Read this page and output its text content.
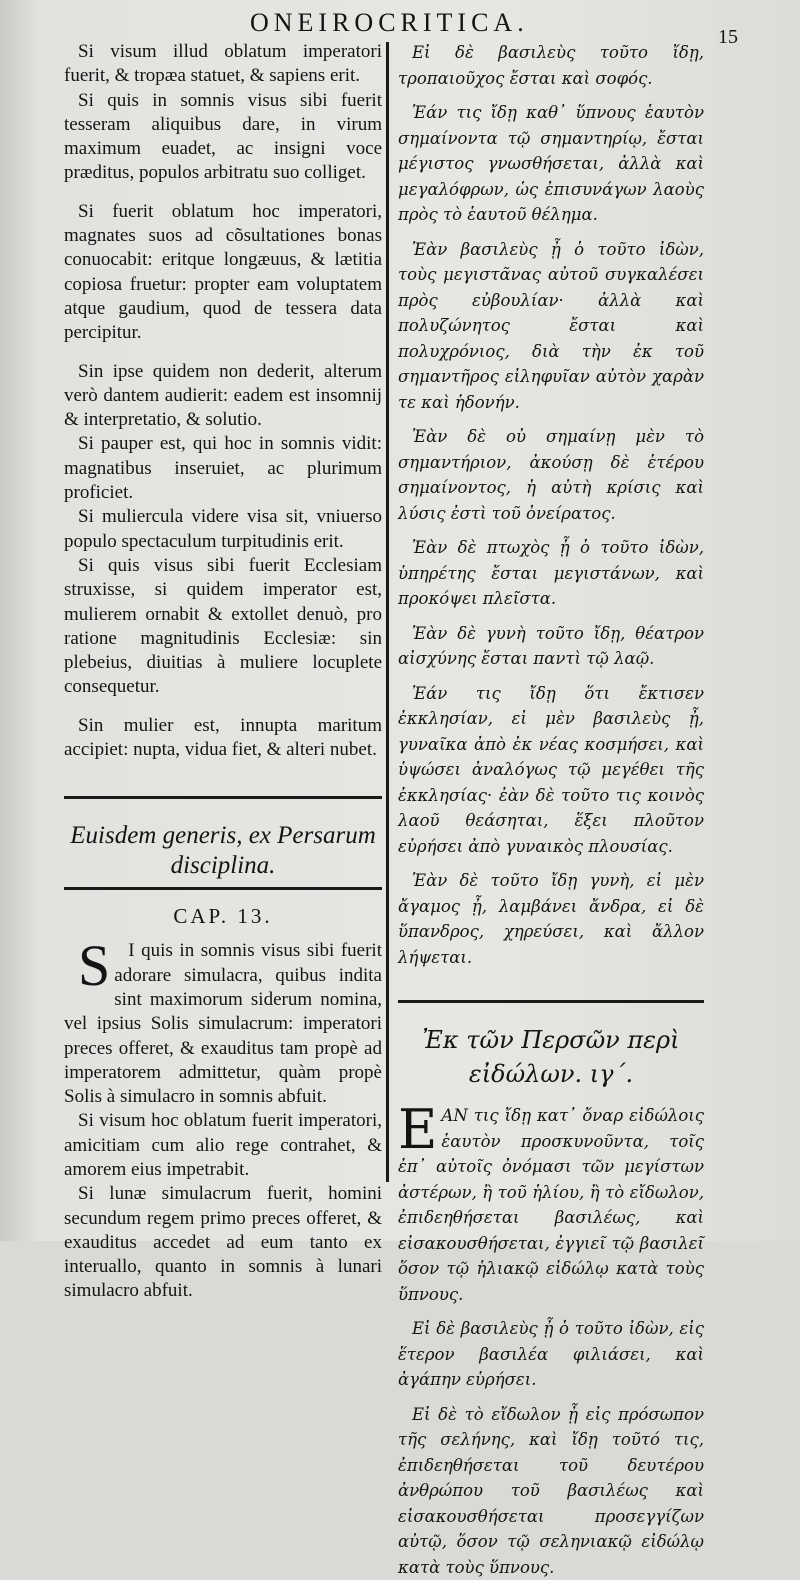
ONEIROCRITICA.	15

Si visum illud oblatum imperatori fuerit, & tropæa statuet, & sapiens erit.

Si quis in somnis visus sibi fuerit tesseram aliquibus dare, in virum maximum euadet, ac insigni voce præditus, populos arbitratu suo colliget.

Si fuerit oblatum hoc imperatori, magnates suos ad cõsultationes bonas conuocabit: eritque longæuus, & lætitia copiosa fruetur: propter eam voluptatem atque gaudium, quod de tessera data percipitur.

Sin ipse quidem non dederit, alterum verò dantem audierit: eadem est insomnij & interpretatio, & solutio.

Si pauper est, qui hoc in somnis vidit: magnatibus inseruiet, ac plurimum proficiet.

Si muliercula videre visa sit, vniuerso populo spectaculum turpitudinis erit.

Si quis visus sibi fuerit Ecclesiam struxisse, si quidem imperator est, mulierem ornabit & extollet denuò, pro ratione magnitudinis Ecclesiæ: sin plebeius, diuitias à muliere locuplete consequetur.

Sin mulier est, innupta maritum accipiet: nupta, vidua fiet, & alteri nubet.

Euisdem generis, ex Persarum disciplina.
CAP. 13.

S I quis in somnis visus sibi fuerit adorare simulacra, quibus indita sint maximorum siderum nomina, vel ipsius Solis simulacrum: imperatori preces offeret, & exauditus tam propè ad imperatorem admittetur, quàm propè Solis à simulacro in somnis abfuit.

Si visum hoc oblatum fuerit imperatori, amicitiam cum alio rege contrahet, & amorem eius impetrabit.

Si lunæ simulacrum fuerit, homini secundum regem primo preces offeret, & exauditus accedet ad eum tanto ex interuallo, quanto in somnis à lunari simulacro abfuit.

Εἰ δὲ βασιλεὺς τοῦτο ἴδῃ, τροπαιοῦχος ἔσται καὶ σοφός.

Ἐάν τις ἴδῃ καθ᾽ ὕπνους ἑαυτὸν σημαίνοντα τῷ σημαντηρίῳ, ἔσται μέγιστος γνωσθήσεται, ἀλλὰ καὶ μεγαλόφρων, ὡς ἐπισυνάγων λαοὺς πρὸς τὸ ἑαυτοῦ θέλημα.

Ἐὰν βασιλεὺς ᾖ ὁ τοῦτο ἰδὼν, τοὺς μεγιστᾶνας αὐτοῦ συγκαλέσει πρὸς εὐβουλίαν· ἀλλὰ καὶ πολυζώνητος ἔσται καὶ πολυχρόνιος, διὰ τὴν ἐκ τοῦ σημαντῆρος εἰληφυῖαν αὐτὸν χαρὰν τε καὶ ἡδονήν.

Ἐὰν δὲ οὐ σημαίνῃ μὲν τὸ σημαντήριον, ἀκούσῃ δὲ ἑτέρου σημαίνοντος, ἡ αὐτὴ κρίσις καὶ λύσις ἐστὶ τοῦ ὀνείρατος.

Ἐὰν δὲ πτωχὸς ᾖ ὁ τοῦτο ἰδὼν, ὑπηρέτης ἔσται μεγιστάνων, καὶ προκόψει πλεῖστα.

Ἐὰν δὲ γυνὴ τοῦτο ἴδῃ, θέατρον αἰσχύνης ἔσται παντὶ τῷ λαῷ.

Ἐάν τις ἴδῃ ὅτι ἔκτισεν ἐκκλησίαν, εἰ μὲν βασιλεὺς ᾖ, γυναῖκα ἀπὸ ἐκ νέας κοσμήσει, καὶ ὑψώσει ἀναλόγως τῷ μεγέθει τῆς ἐκκλησίας· ἐὰν δὲ τοῦτο τις κοινὸς λαοῦ θεάσηται, ἕξει πλοῦτον εὑρήσει ἀπὸ γυναικὸς πλουσίας.

Ἐὰν δὲ τοῦτο ἴδῃ γυνὴ, εἰ μὲν ἄγαμος ᾖ, λαμβάνει ἄνδρα, εἰ δὲ ὕπανδρος, χηρεύσει, καὶ ἄλλον λήψεται.

Ἐκ τῶν Περσῶν περὶ
εἰδώλων. ιγ´.

ΕΑΝ τις ἴδῃ κατ᾽ ὄναρ εἰδώλοις ἑαυτὸν προσκυνοῦντα, τοῖς ἐπ᾽ αὐτοῖς ὀνόμασι τῶν μεγίστων ἀστέρων, ἢ τοῦ ἡλίου, ἢ τὸ εἴδωλον, ἐπιδεηθήσεται βασιλέως, καὶ εἰσακουσθήσεται, ἐγγιεῖ τῷ βασιλεῖ ὅσον τῷ ἡλιακῷ εἰδώλῳ κατὰ τοὺς ὕπνους.

Εἰ δὲ βασιλεὺς ᾖ ὁ τοῦτο ἰδὼν, εἰς ἕτερον βασιλέα φιλιάσει, καὶ ἀγάπην εὑρήσει.

Εἰ δὲ τὸ εἴδωλον ᾖ εἰς πρόσωπον τῆς σελήνης, καὶ ἴδῃ τοῦτό τις, ἐπιδεηθήσεται τοῦ δευτέρου ἀνθρώπου τοῦ βασιλέως καὶ εἰσακουσθήσεται προσεγγίζων αὐτῷ, ὅσον τῷ σεληνιακῷ εἰδώλῳ κατὰ τοὺς ὕπνους.
